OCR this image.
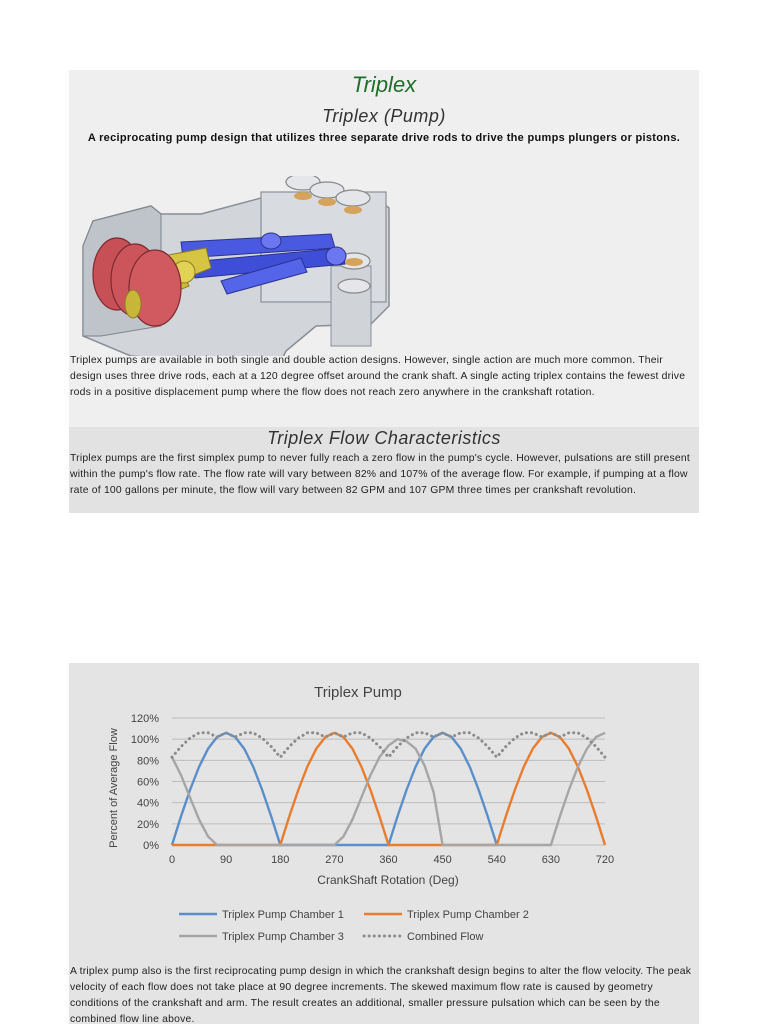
Triplex
Triplex (Pump)
A reciprocating pump design that utilizes three separate drive rods to drive the pumps plungers or pistons.
Triplex pumps are available in both single and double action designs. However, single action are much more common. Their design uses three drive rods, each at a 120 degree offset around the crank shaft. A single acting triplex contains the fewest drive rods in a positive displacement pump where the flow does not reach zero anywhere in the crankshaft rotation.
Triplex Flow Characteristics
Triplex pumps are the first simplex pump to never fully reach a zero flow in the pump's cycle. However, pulsations are still present within the pump's flow rate. The flow rate will vary between 82% and 107% of the average flow. For example, if pumping at a flow rate of 100 gallons per minute, the flow will vary between 82 GPM and 107 GPM three times per crankshaft revolution.
Triplex Pump
0%
20%
40%
60%
80%
100%
120%
0	90	180	270	360	450	540	630	720
CrankShaft Rotation (Deg)
Percent of Average Flow
Triplex Pump Chamber 1	Triplex Pump Chamber 2
Triplex Pump Chamber 3	Combined Flow
A triplex pump also is the first reciprocating pump design in which the crankshaft design begins to alter the flow velocity. The peak velocity of each flow does not take place at 90 degree increments. The skewed maximum flow rate is caused by geometry conditions of the crankshaft and arm. The result creates an additional, smaller pressure pulsation which can be seen by the combined flow line above.
